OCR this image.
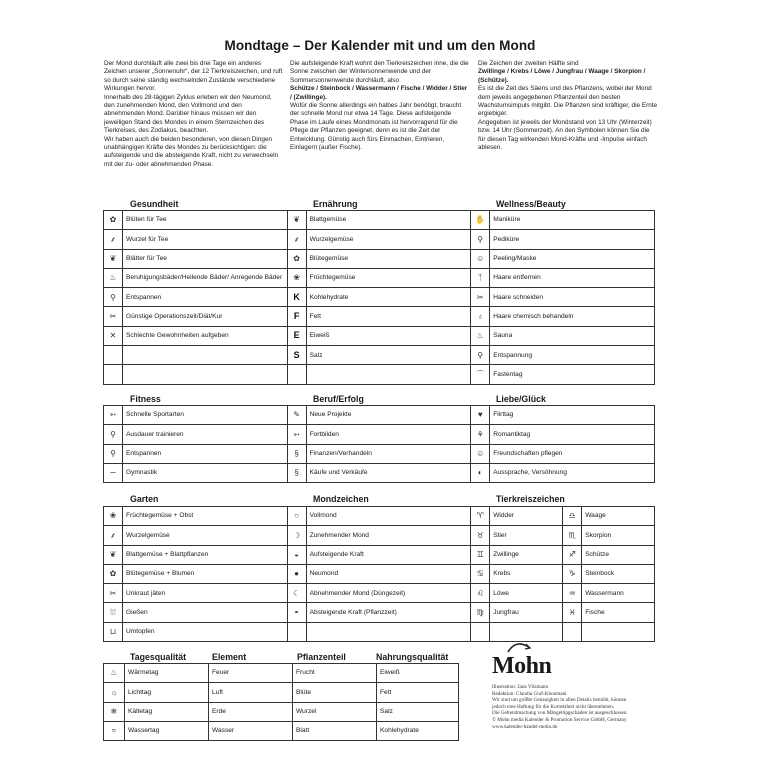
Mondtage – Der Kalender mit und um den Mond

Der Mond durchläuft alle zwei bis drei Tage ein anderes Zeichen unserer „Sonnenuhr“, der 12 Tierkreiszeichen, und ruft so durch seine ständig wechselnden Zustände verschiedene Wirkungen hervor.

Innerhalb des 28-tägigen Zyklus erleben wir den Neumond, den zunehmenden Mond, den Vollmond und den abnehmenden Mond. Darüber hinaus müssen wir den jeweiligen Stand des Mondes in einem Sternzeichen des Tierkreises, des Zodiakus, beachten.

Wir haben auch die beiden besonderen, von diesen Dingen unabhängigen Kräfte des Mondes zu berücksichtigen: die aufsteigende und die absteigende Kraft, nicht zu verwechseln mit der zu- oder abnehmenden Phase.

Die aufsteigende Kraft wohnt den Tierkreiszeichen inne, die die Sonne zwischen der Wintersonnenwende und der Sommersonnenwende durchläuft, also

Schütze / Steinbock / Wassermann / Fische / Widder / Stier / (Zwillinge).

Wofür die Sonne allerdings ein halbes Jahr benötigt, braucht der schnelle Mond nur etwa 14 Tage. Diese aufsteigende Phase im Laufe eines Mondmonats ist hervorragend für die Pflege der Pflanzen geeignet, denn es ist die Zeit der Entwicklung. Günstig auch fürs Einmachen, Eintrieren, Einlagern (außer Fische).

Die Zeichen der zweiten Hälfte sind

Zwillinge / Krebs / Löwe / Jungfrau / Waage / Skorpion / (Schütze).

Es ist die Zeit des Säens und des Pflanzens, wobei der Mond dem jeweils angegebenen Pflanzenteil den besten Wachstumsimpuls mitgibt. Die Pflanzen sind kräftiger, die Ernte ergiebiger.

Angegeben ist jeweils der Mondstand von 13 Uhr (Winterzeit) bzw. 14 Uhr (Sommerzeit). An den Symbolen können Sie die für diesen Tag wirkenden Mond-Kräfte und -Impulse einfach ablesen.

Gesundheit	Ernährung	Wellness/Beauty
✿	Blüten für Tee	❦	Blattgemüse	✋	Maniküre
⸙	Wurzel für Tee	⸙	Wurzelgemüse	⚲	Pediküre
❦	Blätter für Tee	✿	Blütegemüse	☺	Peeling/Maske
♨	Beruhigungsbäder/Heilende Bäder/ Anregende Bäder	❀	Früchtegemüse	ᛉ	Haare entfernen
⚲	Entspannen	K	Kohlehydrate	✂	Haare schneiden
✂	Günstige Operationszeit/Diät/Kur	F	Fett	♁	Haare chemisch behandeln
✕	Schlechte Gewohnheiten aufgeben	E	Eiweiß	♨	Sauna
		S	Salz	⚲	Entspannung
				⌒	Fastentag
Fitness	Beruf/Erfolg	Liebe/Glück
➳	Schnelle Sportarten	✎	Neue Projekte	♥	Flirttag
⚲	Ausdauer trainieren	➳	Fortbilden	⚘	Romantiktag
⚲	Entspannen	§	Finanzen/Verhandeln	☺	Freundschaften pflegen
∽	Gymnastik	§	Käufe und Verkäufe	◐	Aussprache, Versöhnung
Garten	Mondzeichen	Tierkreiszeichen
❀	Früchtegemüse + Obst	○	Vollmond	♈	Widder	♎	Waage
⸙	Wurzelgemüse	☽	Zunehmender Mond	♉	Stier	♏	Skorpion
❦	Blattgemüse + Blattpflanzen	◒	Aufsteigende Kraft	♊	Zwillinge	♐	Schütze
✿	Blütegemüse + Blumen	●	Neumond	♋	Krebs	♑	Steinbock
✂	Unkraut jäten	☾	Abnehmender Mond (Düngezeit)	♌	Löwe	♒	Wassermann
⛆	Gießen	◓	Absteigende Kraft (Pflanzzeit)	♍	Jungfrau	♓	Fische
⊔	Umtopfen						
Tagesqualität	Element	Pflanzenteil	Nahrungsqualität
♨	Wärmetag	Feuer	Frucht	Eiweiß
☼	Lichttag	Luft	Blüte	Fett
❄	Kältetag	Erde	Wurzel	Salz
≈	Wassertag	Wasser	Blatt	Kohlehydrate
Mohn
Illustration: Jana Vilzmann
Redaktion: Claudia Graf-Khoumani
Wir sind um größte Genauigkeit in allen Details bemüht, können
jedoch eine Haftung für die Korrektheit nicht übernehmen.
Die Geltendmachung von Mängeltipgschäden ist ausgeschlossen.
© Mohn media Kalender & Promotion Service GmbH, Germany
www.kalender-handel-mohn.de
